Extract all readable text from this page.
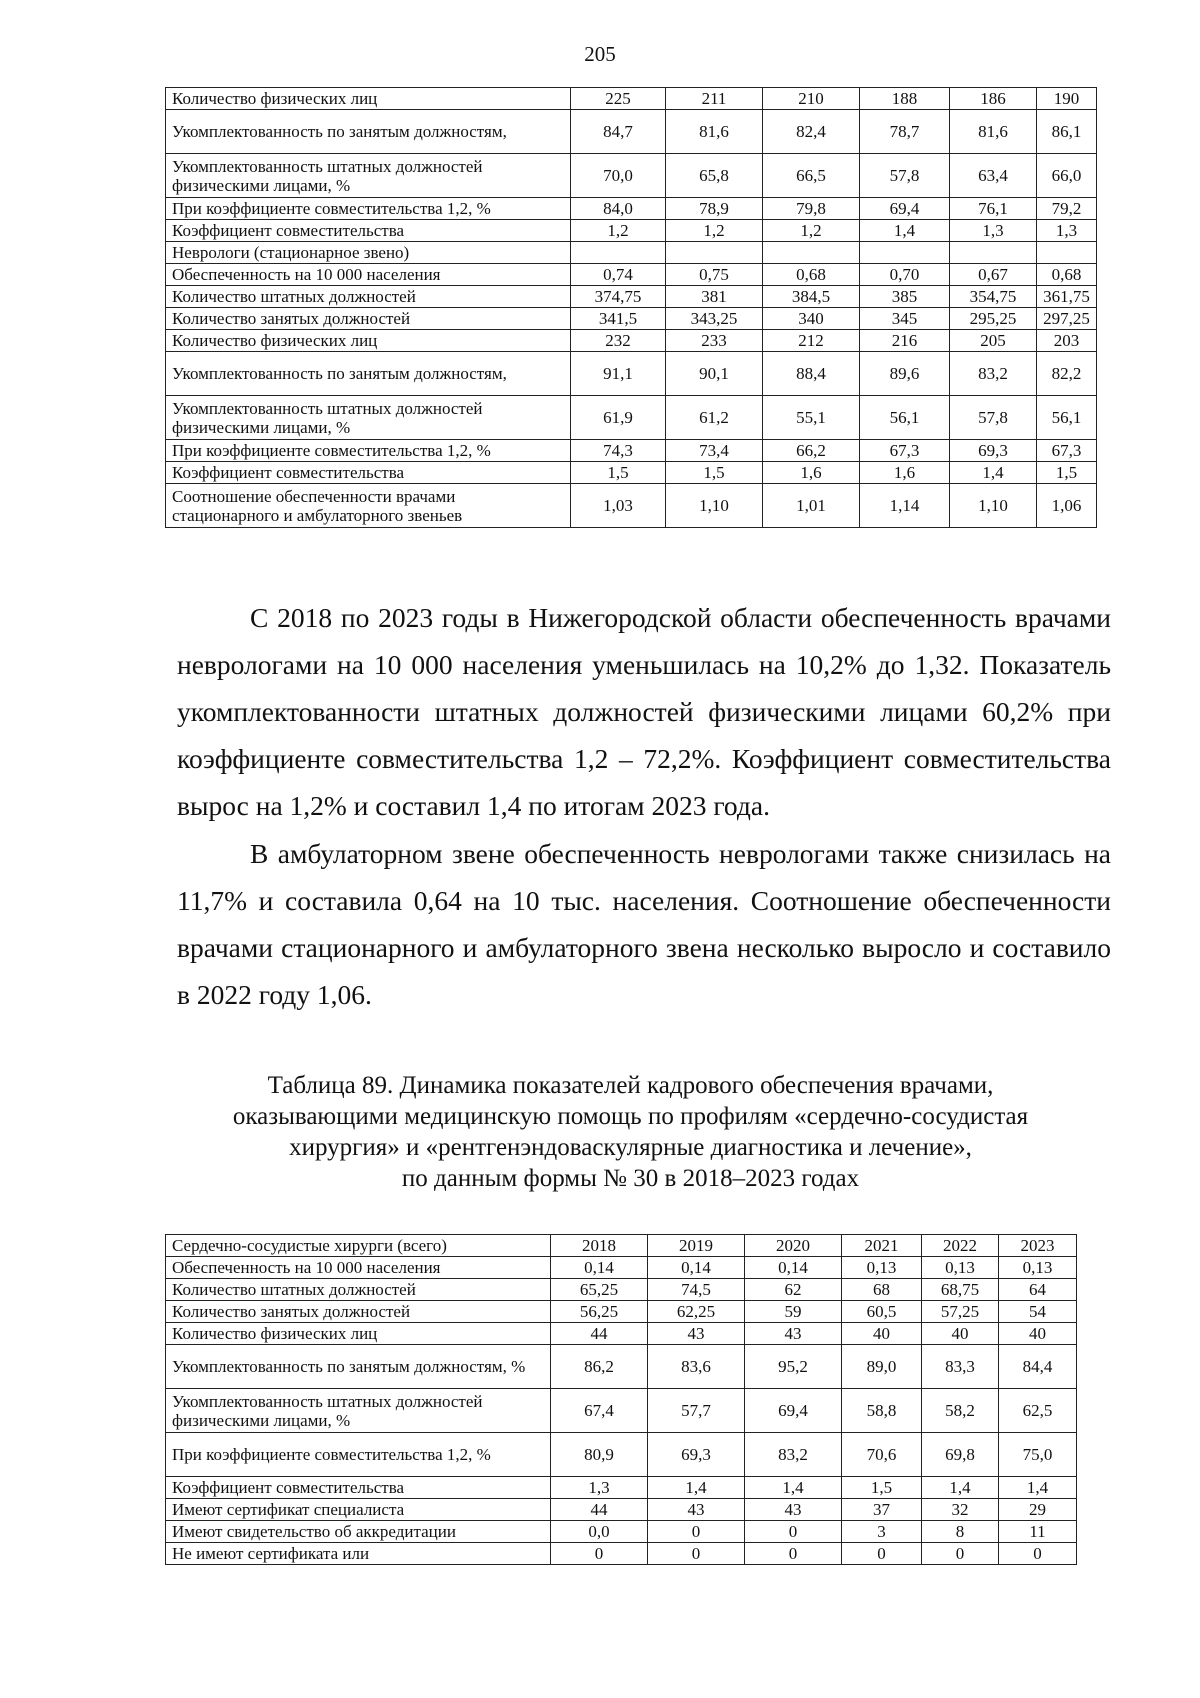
205
Количество физических лиц	225	211	210	188	186	190
Укомплектованность по занятым должностям,	84,7	81,6	82,4	78,7	81,6	86,1
Укомплектованность штатных должностей физическими лицами, %	70,0	65,8	66,5	57,8	63,4	66,0
При коэффициенте совместительства 1,2, %	84,0	78,9	79,8	69,4	76,1	79,2
Коэффициент совместительства	1,2	1,2	1,2	1,4	1,3	1,3
Неврологи (стационарное звено)						
Обеспеченность на 10 000 населения	0,74	0,75	0,68	0,70	0,67	0,68
Количество штатных должностей	374,75	381	384,5	385	354,75	361,75
Количество занятых должностей	341,5	343,25	340	345	295,25	297,25
Количество физических лиц	232	233	212	216	205	203
Укомплектованность по занятым должностям,	91,1	90,1	88,4	89,6	83,2	82,2
Укомплектованность штатных должностей физическими лицами, %	61,9	61,2	55,1	56,1	57,8	56,1
При коэффициенте совместительства 1,2, %	74,3	73,4	66,2	67,3	69,3	67,3
Коэффициент совместительства	1,5	1,5	1,6	1,6	1,4	1,5
Соотношение обеспеченности врачами стационарного и амбулаторного звеньев	1,03	1,10	1,01	1,14	1,10	1,06

С 2018 по 2023 годы в Нижегородской области обеспеченность врачами неврологами на 10 000 населения уменьшилась на 10,2% до 1,32. Показатель укомплектованности штатных должностей физическими лицами 60,2% при коэффициенте совместительства 1,2 – 72,2%. Коэффициент совместительства вырос на 1,2% и составил 1,4 по итогам 2023 года.

В амбулаторном звене обеспеченность неврологами также снизилась на 11,7% и составила 0,64 на 10 тыс. населения. Соотношение обеспеченности врачами стационарного и амбулаторного звена несколько выросло и составило в 2022 году 1,06.

Таблица 89. Динамика показателей кадрового обеспечения врачами,
оказывающими медицинскую помощь по профилям «сердечно-сосудистая
хирургия» и «рентгенэндоваскулярные диагностика и лечение»,
по данным формы № 30 в 2018–2023 годах

Сердечно-сосудистые хирурги (всего)	2018	2019	2020	2021	2022	2023
Обеспеченность на 10 000 населения	0,14	0,14	0,14	0,13	0,13	0,13
Количество штатных должностей	65,25	74,5	62	68	68,75	64
Количество занятых должностей	56,25	62,25	59	60,5	57,25	54
Количество физических лиц	44	43	43	40	40	40
Укомплектованность по занятым должностям, %	86,2	83,6	95,2	89,0	83,3	84,4
Укомплектованность штатных должностей физическими лицами, %	67,4	57,7	69,4	58,8	58,2	62,5
При коэффициенте совместительства 1,2, %	80,9	69,3	83,2	70,6	69,8	75,0
Коэффициент совместительства	1,3	1,4	1,4	1,5	1,4	1,4
Имеют сертификат специалиста	44	43	43	37	32	29
Имеют свидетельство об аккредитации	0,0	0	0	3	8	11
Не имеют сертификата или	0	0	0	0	0	0
